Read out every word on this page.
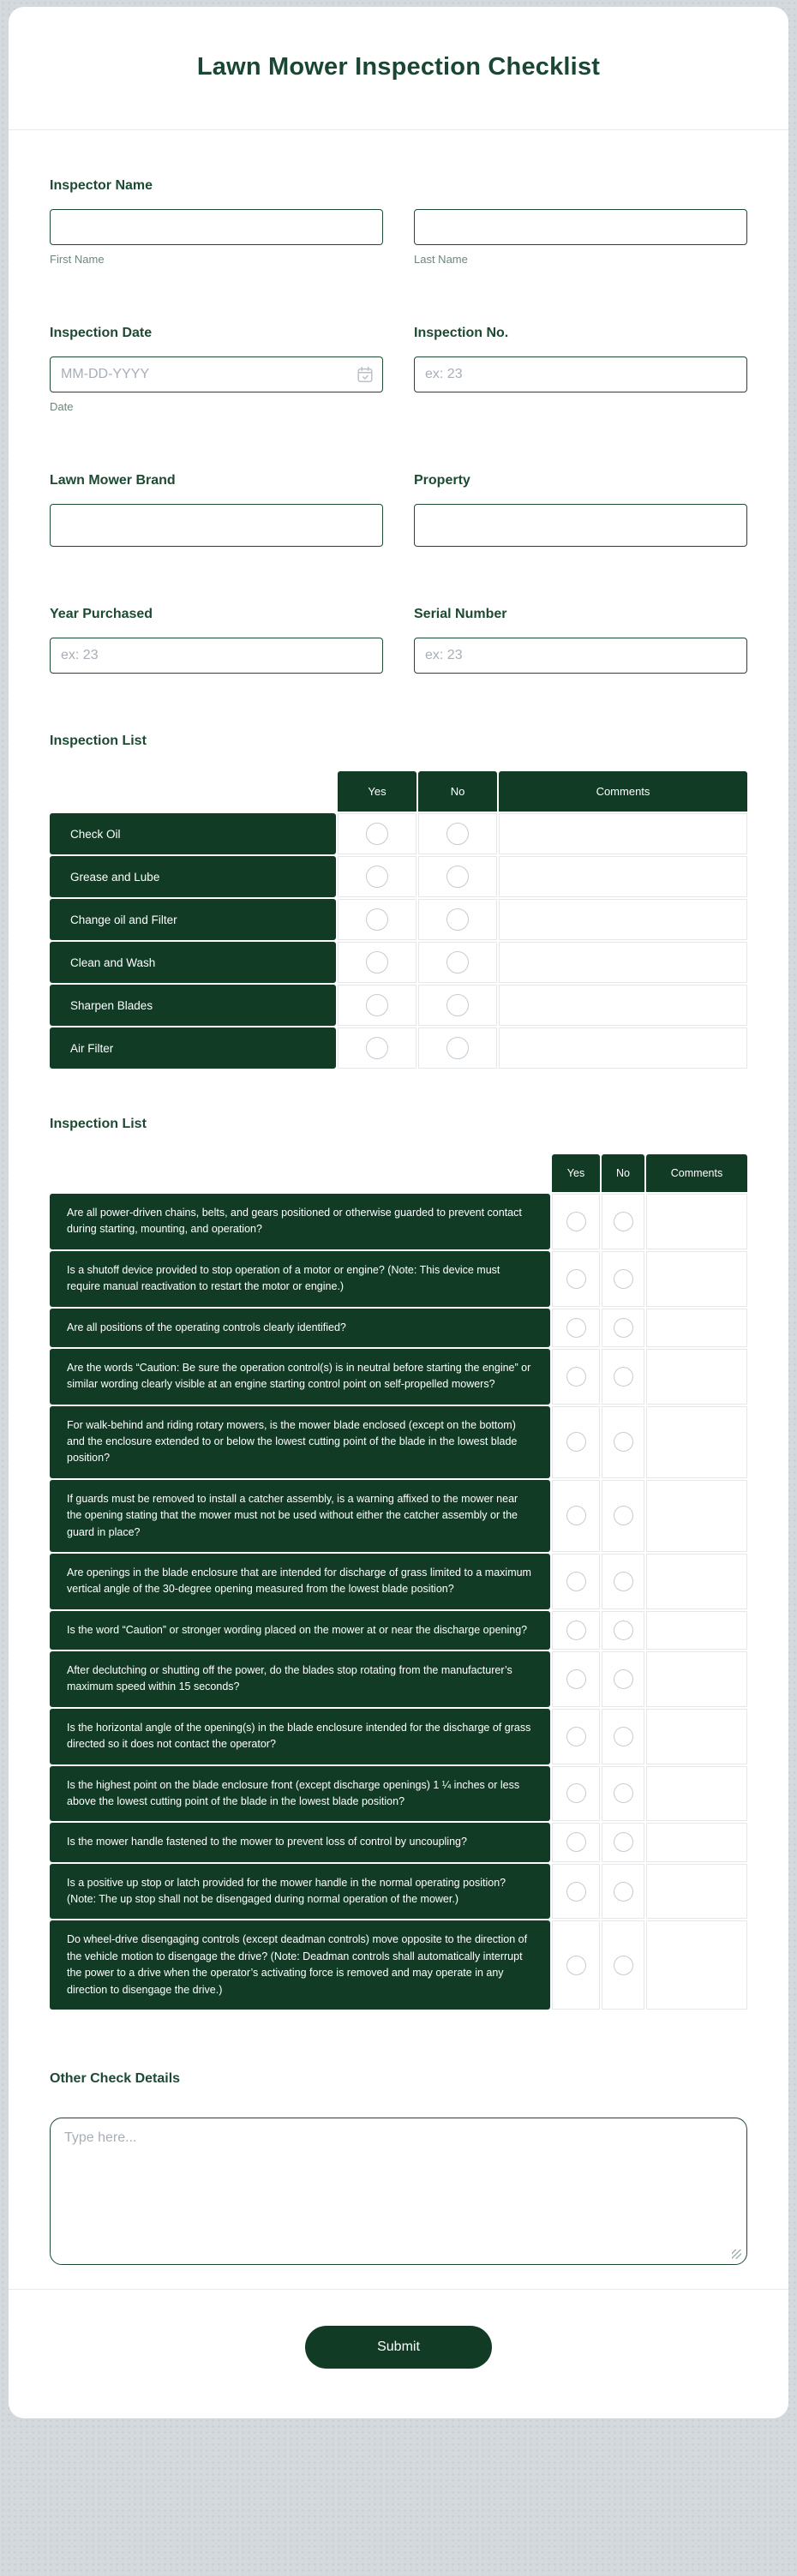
Lawn Mower Inspection Checklist
Inspector Name
First Name	Last Name
Inspection Date
MM-DD-YYYY
Date
Inspection No.
ex: 23
Lawn Mower Brand	Property
Year Purchased
ex: 23	Serial Number
ex: 23
Inspection List
Yes	No	Comments
Check Oil
Grease and Lube
Change oil and Filter
Clean and Wash
Sharpen Blades
Air Filter
Inspection List
Yes	No	Comments
Are all power-driven chains, belts, and gears positioned or otherwise guarded to prevent contact during starting, mounting, and operation?
Is a shutoff device provided to stop operation of a motor or engine? (Note: This device must require manual reactivation to restart the motor or engine.)
Are all positions of the operating controls clearly identified?
Are the words “Caution: Be sure the operation control(s) is in neutral before starting the engine” or similar wording clearly visible at an engine starting control point on self-propelled mowers?
For walk-behind and riding rotary mowers, is the mower blade enclosed (except on the bottom) and the enclosure extended to or below the lowest cutting point of the blade in the lowest blade position?
If guards must be removed to install a catcher assembly, is a warning affixed to the mower near the opening stating that the mower must not be used without either the catcher assembly or the guard in place?
Are openings in the blade enclosure that are intended for discharge of grass limited to a maximum vertical angle of the 30-degree opening measured from the lowest blade position?
Is the word “Caution” or stronger wording placed on the mower at or near the discharge opening?
After declutching or shutting off the power, do the blades stop rotating from the manufacturer’s maximum speed within 15 seconds?
Is the horizontal angle of the opening(s) in the blade enclosure intended for the discharge of grass directed so it does not contact the operator?
Is the highest point on the blade enclosure front (except discharge openings) 1 ¼ inches or less above the lowest cutting point of the blade in the lowest blade position?
Is the mower handle fastened to the mower to prevent loss of control by uncoupling?
Is a positive up stop or latch provided for the mower handle in the normal operating position? (Note: The up stop shall not be disengaged during normal operation of the mower.)
Do wheel-drive disengaging controls (except deadman controls) move opposite to the direction of the vehicle motion to disengage the drive? (Note: Deadman controls shall automatically interrupt the power to a drive when the operator’s activating force is removed and may operate in any direction to disengage the drive.)
Other Check Details
Type here...
Submit
